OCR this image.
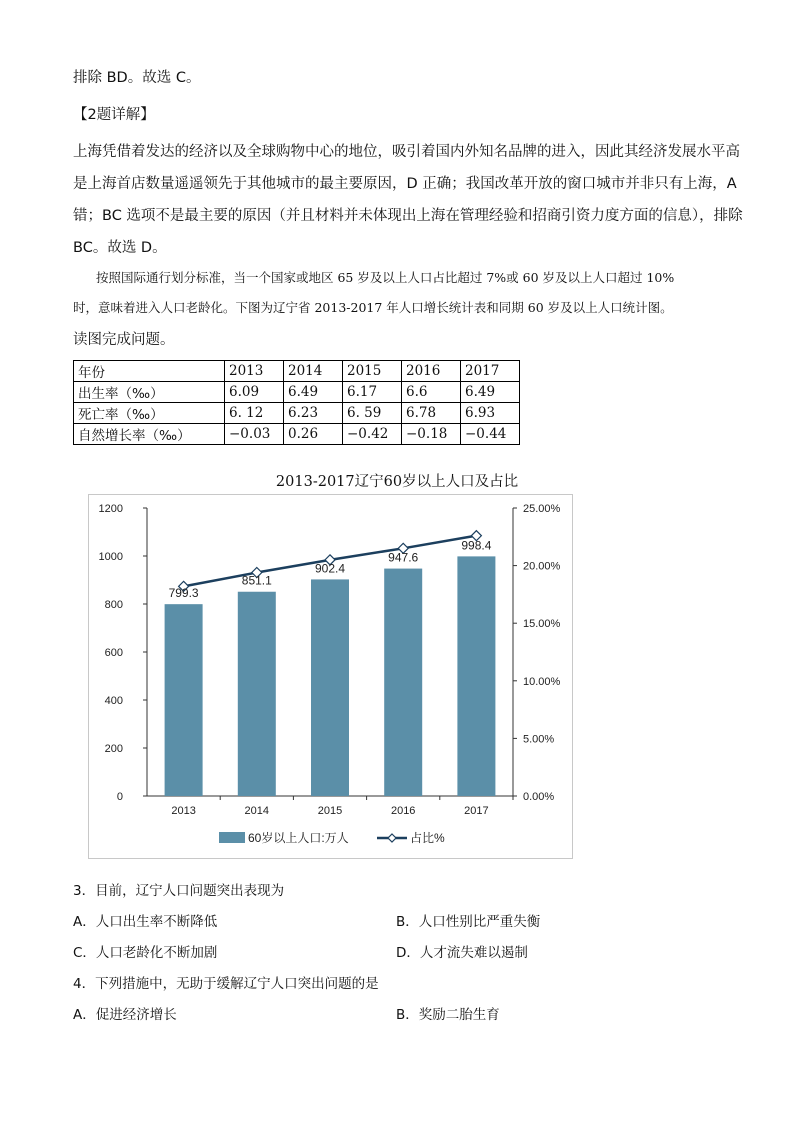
排除 BD。故选 C。
【2题详解】
上海凭借着发达的经济以及全球购物中心的地位，吸引着国内外知名品牌的进入，因此其经济发展水平高
是上海首店数量遥遥领先于其他城市的最主要原因，D 正确；我国改革开放的窗口城市并非只有上海，A
错；BC 选项不是最主要的原因（并且材料并未体现出上海在管理经验和招商引资力度方面的信息），排除
BC。故选 D。
按照国际通行划分标准，当一个国家或地区 65 岁及以上人口占比超过 7%或 60 岁及以上人口超过 10%
时，意味着进入人口老龄化。下图为辽宁省 2013-2017 年人口增长统计表和同期 60 岁及以上人口统计图。
读图完成问题。
年份	2013	2014	2015	2016	2017
出生率（‰）	6.09	6.49	6.17	6.6	6.49
死亡率（‰）	6. 12	6.23	6. 59	6.78	6.93
自然增长率（‰）	−0.03	0.26	−0.42	−0.18	−0.44
2013-2017辽宁60岁以上人口及占比
0
200
400
600
800
1000
1200
0.00%
5.00%
10.00%
15.00%
20.00%
25.00%
2013	2014	2015	2016	2017
799.3
851.1
902.4
947.6
998.4
60岁以上人口:万人	占比%
3．目前，辽宁人口问题突出表现为
A．人口出生率不断降低	B．人口性别比严重失衡
C．人口老龄化不断加剧	D．人才流失难以遏制
4．下列措施中，无助于缓解辽宁人口突出问题的是
A．促进经济增长	B．奖励二胎生育
